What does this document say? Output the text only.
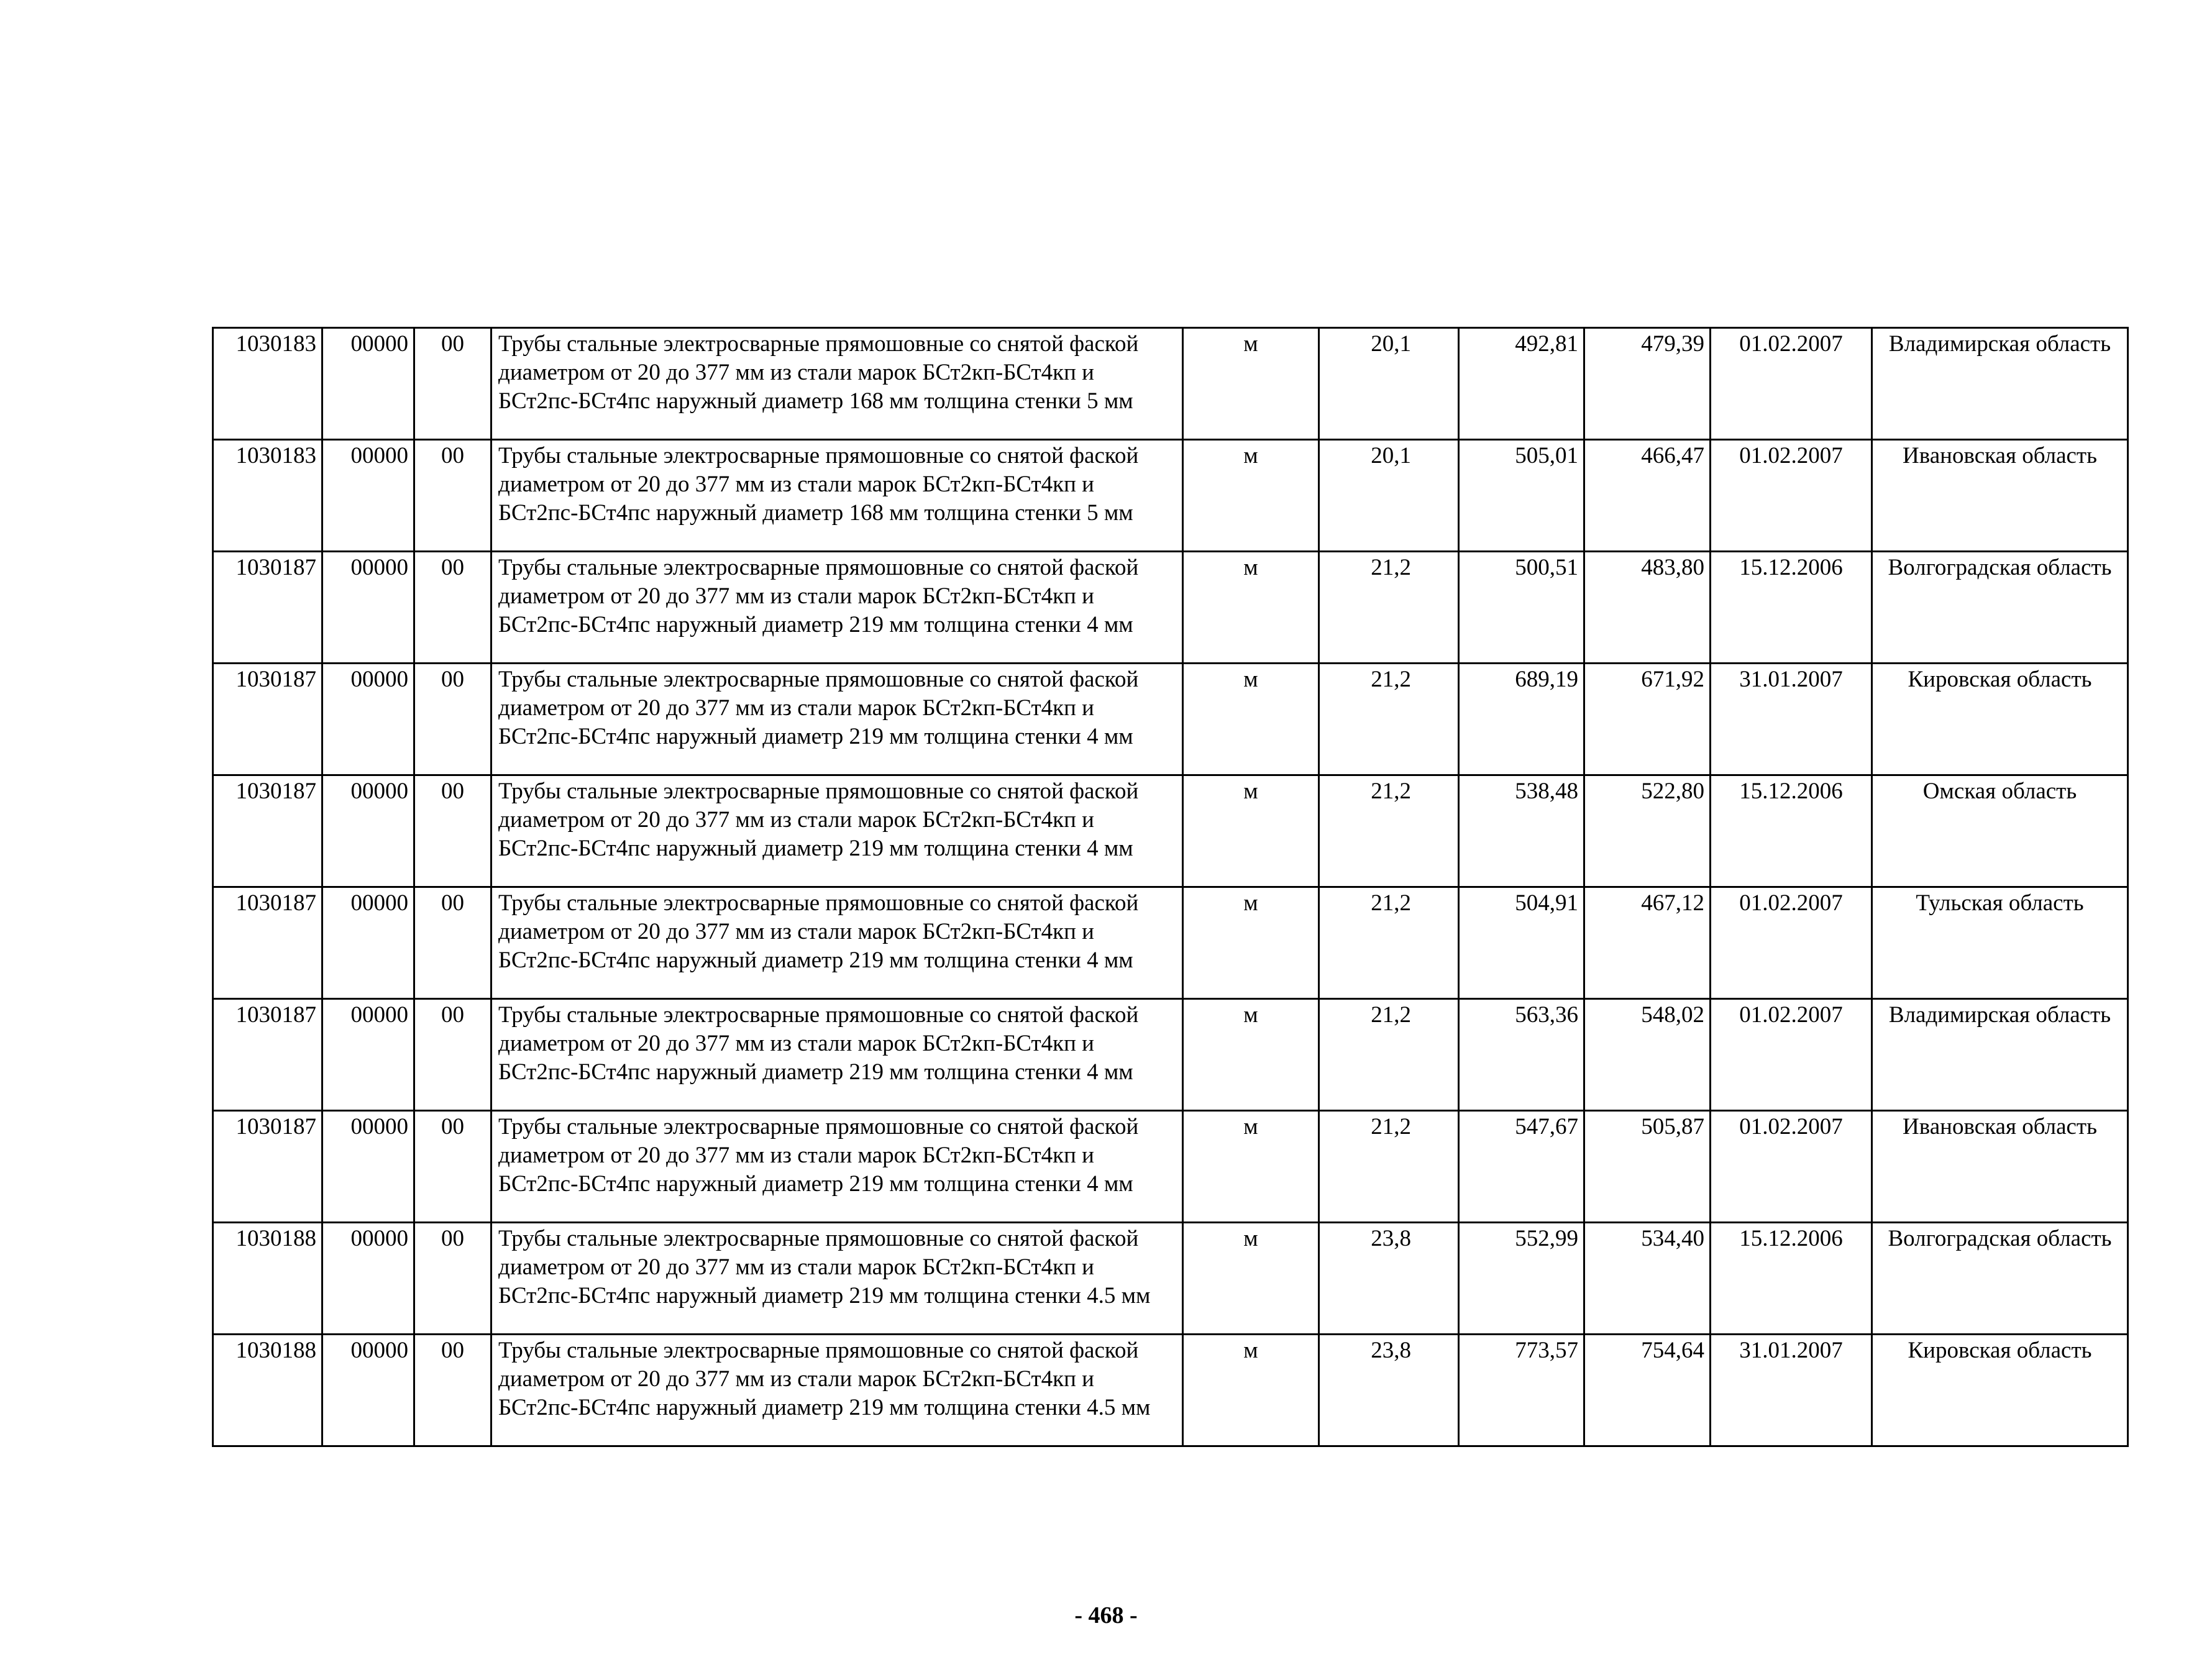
1030183	00000	00	Трубы стальные электросварные прямошовные со снятой фаской диаметром от 20 до 377 мм из стали марок БСт2кп-БСт4кп и БСт2пс-БСт4пс наружный диаметр 168 мм толщина стенки 5 мм	м	20,1	492,81	479,39	01.02.2007	Владимирская область
1030183	00000	00	Трубы стальные электросварные прямошовные со снятой фаской диаметром от 20 до 377 мм из стали марок БСт2кп-БСт4кп и БСт2пс-БСт4пс наружный диаметр 168 мм толщина стенки 5 мм	м	20,1	505,01	466,47	01.02.2007	Ивановская область
1030187	00000	00	Трубы стальные электросварные прямошовные со снятой фаской диаметром от 20 до 377 мм из стали марок БСт2кп-БСт4кп и БСт2пс-БСт4пс наружный диаметр 219 мм толщина стенки 4 мм	м	21,2	500,51	483,80	15.12.2006	Волгоградская область
1030187	00000	00	Трубы стальные электросварные прямошовные со снятой фаской диаметром от 20 до 377 мм из стали марок БСт2кп-БСт4кп и БСт2пс-БСт4пс наружный диаметр 219 мм толщина стенки 4 мм	м	21,2	689,19	671,92	31.01.2007	Кировская область
1030187	00000	00	Трубы стальные электросварные прямошовные со снятой фаской диаметром от 20 до 377 мм из стали марок БСт2кп-БСт4кп и БСт2пс-БСт4пс наружный диаметр 219 мм толщина стенки 4 мм	м	21,2	538,48	522,80	15.12.2006	Омская область
1030187	00000	00	Трубы стальные электросварные прямошовные со снятой фаской диаметром от 20 до 377 мм из стали марок БСт2кп-БСт4кп и БСт2пс-БСт4пс наружный диаметр 219 мм толщина стенки 4 мм	м	21,2	504,91	467,12	01.02.2007	Тульская область
1030187	00000	00	Трубы стальные электросварные прямошовные со снятой фаской диаметром от 20 до 377 мм из стали марок БСт2кп-БСт4кп и БСт2пс-БСт4пс наружный диаметр 219 мм толщина стенки 4 мм	м	21,2	563,36	548,02	01.02.2007	Владимирская область
1030187	00000	00	Трубы стальные электросварные прямошовные со снятой фаской диаметром от 20 до 377 мм из стали марок БСт2кп-БСт4кп и БСт2пс-БСт4пс наружный диаметр 219 мм толщина стенки 4 мм	м	21,2	547,67	505,87	01.02.2007	Ивановская область
1030188	00000	00	Трубы стальные электросварные прямошовные со снятой фаской диаметром от 20 до 377 мм из стали марок БСт2кп-БСт4кп и БСт2пс-БСт4пс наружный диаметр 219 мм толщина стенки 4.5 мм	м	23,8	552,99	534,40	15.12.2006	Волгоградская область
1030188	00000	00	Трубы стальные электросварные прямошовные со снятой фаской диаметром от 20 до 377 мм из стали марок БСт2кп-БСт4кп и БСт2пс-БСт4пс наружный диаметр 219 мм толщина стенки 4.5 мм	м	23,8	773,57	754,64	31.01.2007	Кировская область
- 468 -
